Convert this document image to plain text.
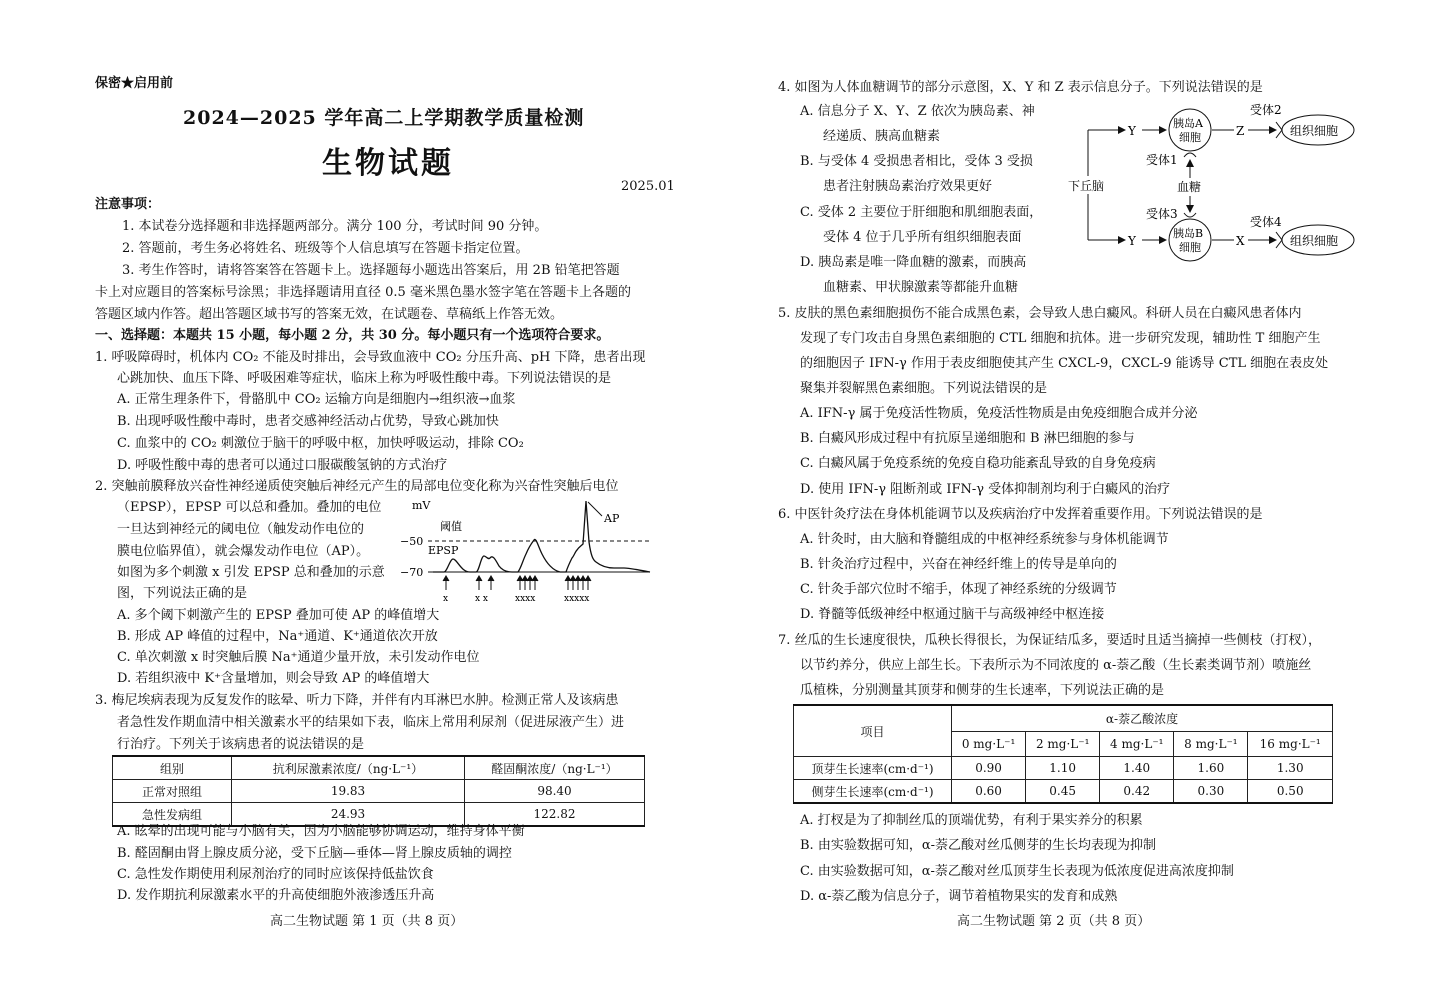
保密★启用前
2024—2025 学年高二上学期教学质量检测
生物试题
2025.01
注意事项：
1. 本试卷分选择题和非选择题两部分。满分 100 分，考试时间 90 分钟。
2. 答题前，考生务必将姓名、班级等个人信息填写在答题卡指定位置。
3. 考生作答时，请将答案答在答题卡上。选择题每小题选出答案后，用 2B 铅笔把答题
卡上对应题目的答案标号涂黑；非选择题请用直径 0.5 毫米黑色墨水签字笔在答题卡上各题的
答题区域内作答。超出答题区域书写的答案无效，在试题卷、草稿纸上作答无效。
一、选择题：本题共 15 小题，每小题 2 分，共 30 分。每小题只有一个选项符合要求。
1. 呼吸障碍时，机体内 CO₂ 不能及时排出，会导致血液中 CO₂ 分压升高、pH 下降，患者出现
心跳加快、血压下降、呼吸困难等症状，临床上称为呼吸性酸中毒。下列说法错误的是
A. 正常生理条件下，骨骼肌中 CO₂ 运输方向是细胞内→组织液→血浆
B. 出现呼吸性酸中毒时，患者交感神经活动占优势，导致心跳加快
C. 血浆中的 CO₂ 刺激位于脑干的呼吸中枢，加快呼吸运动，排除 CO₂
D. 呼吸性酸中毒的患者可以通过口服碳酸氢钠的方式治疗
2. 突触前膜释放兴奋性神经递质使突触后神经元产生的局部电位变化称为兴奋性突触后电位
（EPSP），EPSP 可以总和叠加。叠加的电位
一旦达到神经元的阈电位（触发动作电位的
膜电位临界值），就会爆发动作电位（AP）。
如图为多个刺激 x 引发 EPSP 总和叠加的示意
图，下列说法正确的是
mV
−50
−70
阈值
EPSP
AP
x	x x	xxxx	xxxxx
A. 多个阈下刺激产生的 EPSP 叠加可使 AP 的峰值增大
B. 形成 AP 峰值的过程中，Na⁺通道、K⁺通道依次开放
C. 单次刺激 x 时突触后膜 Na⁺通道少量开放，未引发动作电位
D. 若组织液中 K⁺含量增加，则会导致 AP 的峰值增大
3. 梅尼埃病表现为反复发作的眩晕、听力下降，并伴有内耳淋巴水肿。检测正常人及该病患
者急性发作期血清中相关激素水平的结果如下表，临床上常用利尿剂（促进尿液产生）进
行治疗。下列关于该病患者的说法错误的是
组别	抗利尿激素浓度/（ng·L⁻¹）	醛固酮浓度/（ng·L⁻¹）
正常对照组	19.83	98.40
急性发病组	24.93	122.82
A. 眩晕的出现可能与小脑有关，因为小脑能够协调运动，维持身体平衡
B. 醛固酮由肾上腺皮质分泌，受下丘脑—垂体—肾上腺皮质轴的调控
C. 急性发作期使用利尿剂治疗的同时应该保持低盐饮食
D. 发作期抗利尿激素水平的升高使细胞外液渗透压升高
高二生物试题 第 1 页（共 8 页）
4. 如图为人体血糖调节的部分示意图，X、Y 和 Z 表示信息分子。下列说法错误的是
A. 信息分子 X、Y、Z 依次为胰岛素、神
经递质、胰高血糖素
B. 与受体 4 受损患者相比，受体 3 受损
患者注射胰岛素治疗效果更好
C. 受体 2 主要位于肝细胞和肌细胞表面，
受体 4 位于几乎所有组织细胞表面
D. 胰岛素是唯一降血糖的激素，而胰高
血糖素、甲状腺激素等都能升血糖
下丘脑
Y
Y
胰岛A
细胞
胰岛B
细胞
受体1
血糖
受体3
Z
X
受体2
受体4
组织细胞
组织细胞
5. 皮肤的黑色素细胞损伤不能合成黑色素，会导致人患白癜风。科研人员在白癜风患者体内
发现了专门攻击自身黑色素细胞的 CTL 细胞和抗体。进一步研究发现，辅助性 T 细胞产生
的细胞因子 IFN-γ 作用于表皮细胞使其产生 CXCL-9，CXCL-9 能诱导 CTL 细胞在表皮处
聚集并裂解黑色素细胞。下列说法错误的是
A. IFN-γ 属于免疫活性物质，免疫活性物质是由免疫细胞合成并分泌
B. 白癜风形成过程中有抗原呈递细胞和 B 淋巴细胞的参与
C. 白癜风属于免疫系统的免疫自稳功能紊乱导致的自身免疫病
D. 使用 IFN-γ 阻断剂或 IFN-γ 受体抑制剂均利于白癜风的治疗
6. 中医针灸疗法在身体机能调节以及疾病治疗中发挥着重要作用。下列说法错误的是
A. 针灸时，由大脑和脊髓组成的中枢神经系统参与身体机能调节
B. 针灸治疗过程中，兴奋在神经纤维上的传导是单向的
C. 针灸手部穴位时不缩手，体现了神经系统的分级调节
D. 脊髓等低级神经中枢通过脑干与高级神经中枢连接
7. 丝瓜的生长速度很快，瓜秧长得很长，为保证结瓜多，要适时且适当摘掉一些侧枝（打杈），
以节约养分，供应上部生长。下表所示为不同浓度的 α-萘乙酸（生长素类调节剂）喷施丝
瓜植株，分别测量其顶芽和侧芽的生长速率，下列说法正确的是
项目	α-萘乙酸浓度				
	0 mg·L⁻¹	2 mg·L⁻¹	4 mg·L⁻¹	8 mg·L⁻¹	16 mg·L⁻¹
顶芽生长速率(cm·d⁻¹)	0.90	1.10	1.40	1.60	1.30
侧芽生长速率(cm·d⁻¹)	0.60	0.45	0.42	0.30	0.50
A. 打杈是为了抑制丝瓜的顶端优势，有利于果实养分的积累
B. 由实验数据可知，α-萘乙酸对丝瓜侧芽的生长均表现为抑制
C. 由实验数据可知，α-萘乙酸对丝瓜顶芽生长表现为低浓度促进高浓度抑制
D. α-萘乙酸为信息分子，调节着植物果实的发育和成熟
高二生物试题 第 2 页（共 8 页）
